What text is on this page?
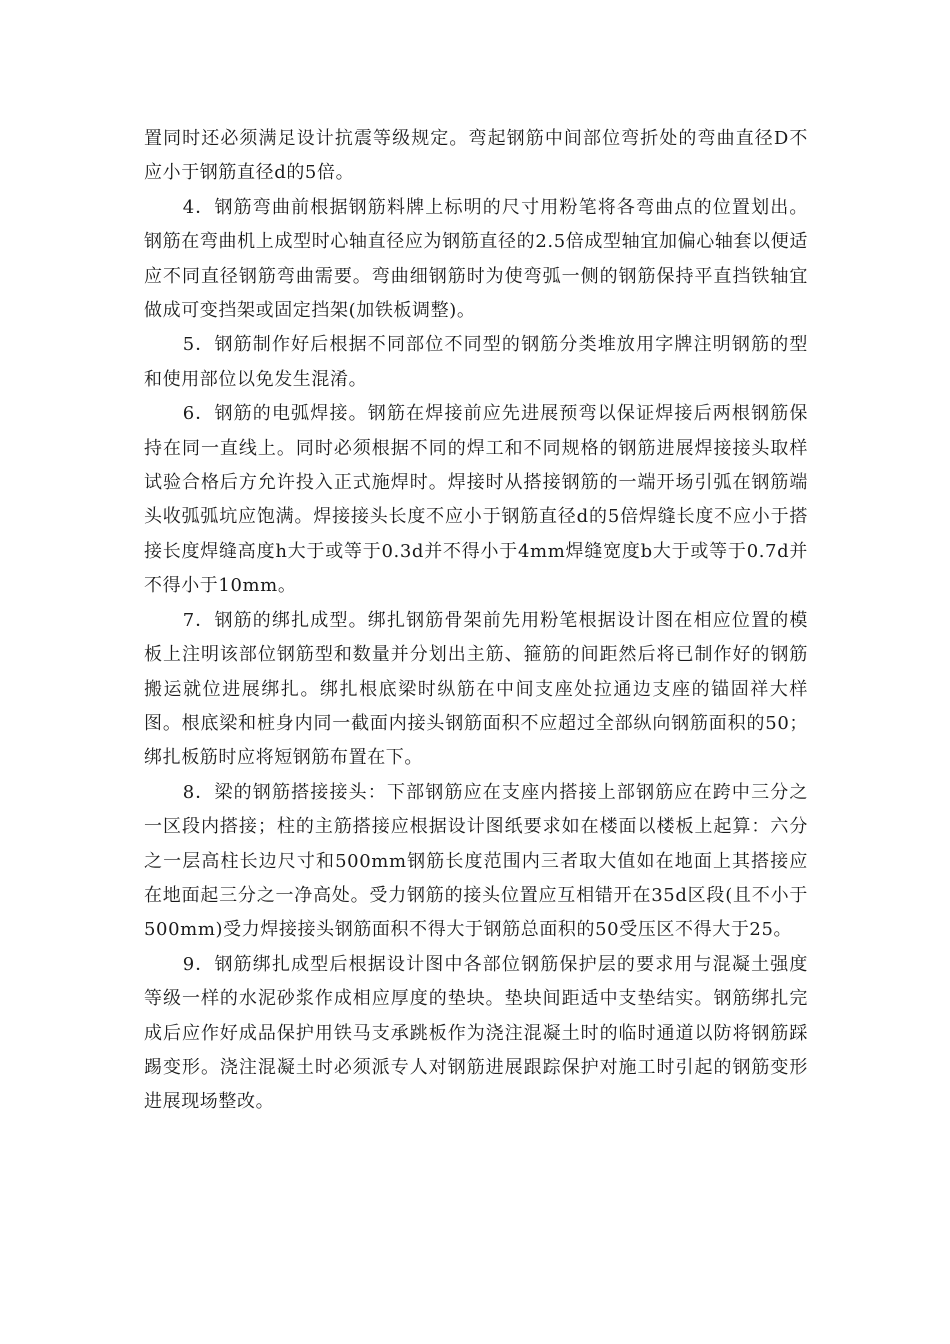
置同时还必须满足设计抗震等级规定。弯起钢筋中间部位弯折处的弯曲直径D不应小于钢筋直径d的5倍。

4．钢筋弯曲前根据钢筋料牌上标明的尺寸用粉笔将各弯曲点的位置划出。钢筋在弯曲机上成型时心轴直径应为钢筋直径的2.5倍成型轴宜加偏心轴套以便适应不同直径钢筋弯曲需要。弯曲细钢筋时为使弯弧一侧的钢筋保持平直挡铁轴宜做成可变挡架或固定挡架(加铁板调整)。

5．钢筋制作好后根据不同部位不同型的钢筋分类堆放用字牌注明钢筋的型和使用部位以免发生混淆。

6．钢筋的电弧焊接。钢筋在焊接前应先进展预弯以保证焊接后两根钢筋保持在同一直线上。同时必须根据不同的焊工和不同规格的钢筋进展焊接接头取样试验合格后方允许投入正式施焊时。焊接时从搭接钢筋的一端开场引弧在钢筋端头收弧弧坑应饱满。焊接接头长度不应小于钢筋直径d的5倍焊缝长度不应小于搭接长度焊缝高度h大于或等于0.3d并不得小于4mm焊缝宽度b大于或等于0.7d并不得小于10mm。

7．钢筋的绑扎成型。绑扎钢筋骨架前先用粉笔根据设计图在相应位置的模板上注明该部位钢筋型和数量并分划出主筋、箍筋的间距然后将已制作好的钢筋搬运就位进展绑扎。绑扎根底梁时纵筋在中间支座处拉通边支座的锚固祥大样图。根底梁和桩身内同一截面内接头钢筋面积不应超过全部纵向钢筋面积的50；绑扎板筋时应将短钢筋布置在下。

8．梁的钢筋搭接接头：下部钢筋应在支座内搭接上部钢筋应在跨中三分之一区段内搭接；柱的主筋搭接应根据设计图纸要求如在楼面以楼板上起算：六分之一层高柱长边尺寸和500mm钢筋长度范围内三者取大值如在地面上其搭接应在地面起三分之一净高处。受力钢筋的接头位置应互相错开在35d区段(且不小于500mm)受力焊接接头钢筋面积不得大于钢筋总面积的50受压区不得大于25。

9．钢筋绑扎成型后根据设计图中各部位钢筋保护层的要求用与混凝土强度等级一样的水泥砂浆作成相应厚度的垫块。垫块间距适中支垫结实。钢筋绑扎完成后应作好成品保护用铁马支承跳板作为浇注混凝土时的临时通道以防将钢筋踩踢变形。浇注混凝土时必须派专人对钢筋进展跟踪保护对施工时引起的钢筋变形进展现场整改。
